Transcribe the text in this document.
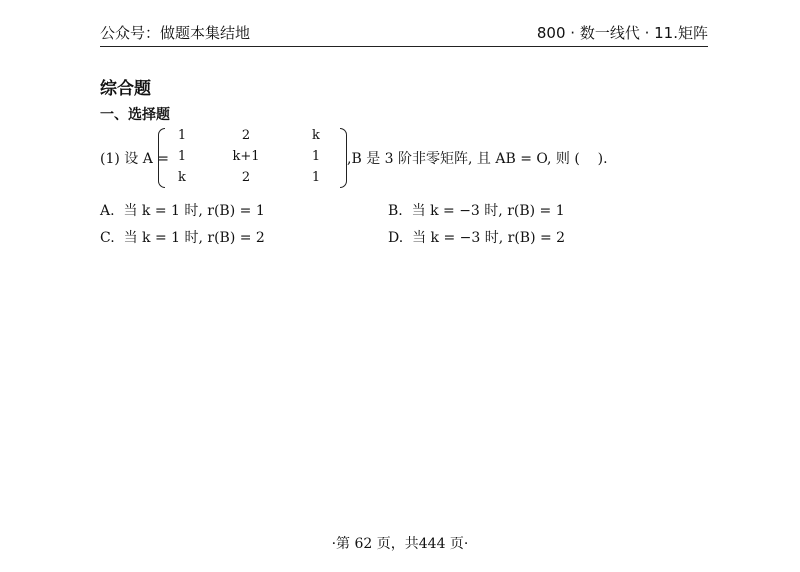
公众号：做题本集结地	800 · 数一线代 · 11.矩阵
综合题
一、选择题
(1) 设 A =
1	2	k
1	k+1	1
k	2	1
,B 是 3 阶非零矩阵, 且 AB = O, 则 (    ).
A.  当 k = 1 时, r(B) = 1	B.  当 k = −3 时, r(B) = 1
C.  当 k = 1 时, r(B) = 2	D.  当 k = −3 时, r(B) = 2
·第 62 页，共444 页·
